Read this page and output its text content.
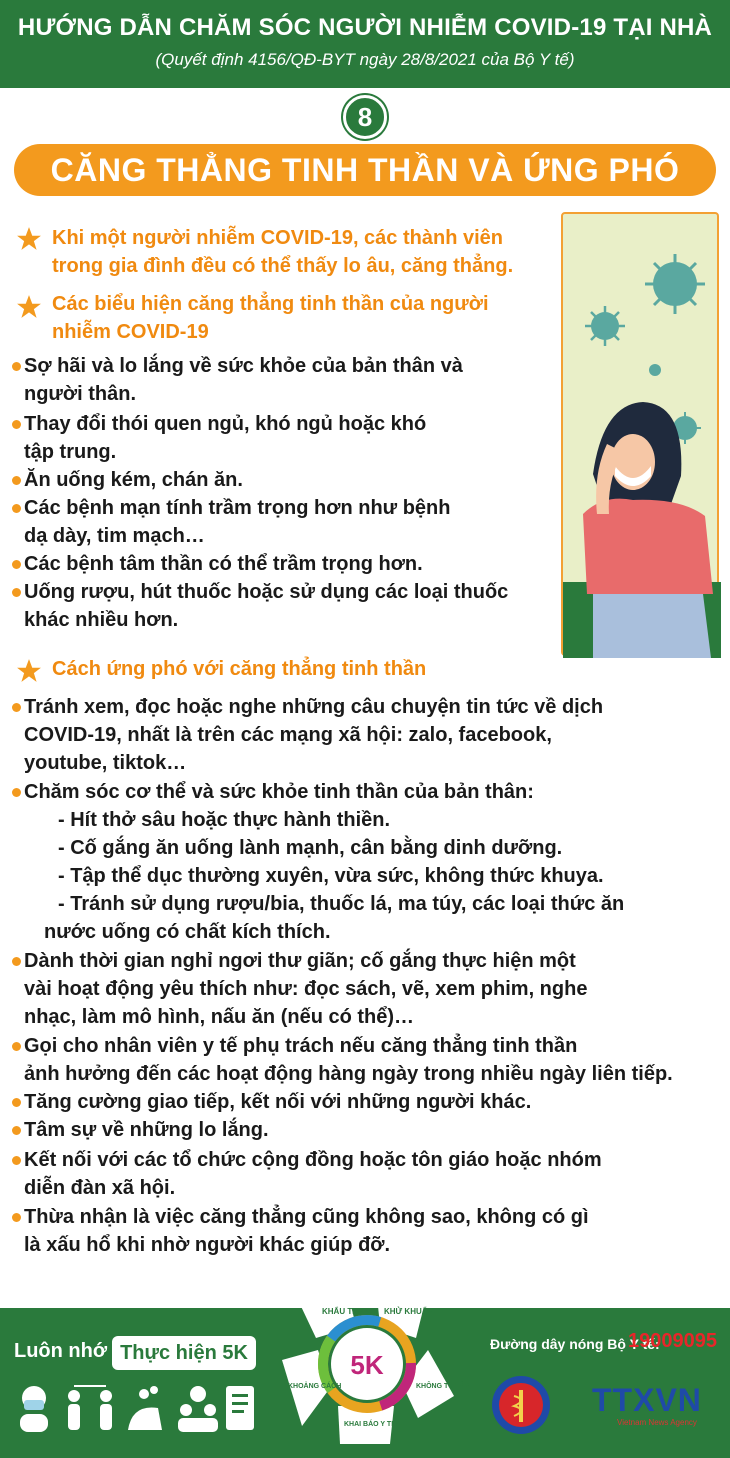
HƯỚNG DẪN CHĂM SÓC NGƯỜI NHIỄM COVID-19 TẠI NHÀ
(Quyết định 4156/QĐ-BYT ngày 28/8/2021 của Bộ Y tế)
8
CĂNG THẲNG TINH THẦN VÀ ỨNG PHÓ
Khi một người nhiễm COVID-19, các thành viên
trong gia đình đều có thể thấy lo âu, căng thẳng.
Các biểu hiện căng thẳng tinh thần của người
nhiễm COVID-19
Sợ hãi và lo lắng về sức khỏe của bản thân và
người thân.
Thay đổi thói quen ngủ, khó ngủ hoặc khó
tập trung.
Ăn uống kém, chán ăn.
Các bệnh mạn tính trầm trọng hơn như bệnh
dạ dày, tim mạch…
Các bệnh tâm thần có thể trầm trọng hơn.
Uống rượu, hút thuốc hoặc sử dụng các loại thuốc
khác nhiều hơn.
Cách ứng phó với căng thẳng tinh thần
Tránh xem, đọc hoặc nghe những câu chuyện tin tức về dịch
COVID-19, nhất là trên các mạng xã hội: zalo, facebook,
youtube, tiktok…
Chăm sóc cơ thể và sức khỏe tinh thần của bản thân:
- Hít thở sâu hoặc thực hành thiền.
- Cố gắng ăn uống lành mạnh, cân bằng dinh dưỡng.
- Tập thể dục thường xuyên, vừa sức, không thức khuya.
- Tránh sử dụng rượu/bia, thuốc lá, ma túy, các loại thức ăn
nước uống có chất kích thích.
Dành thời gian nghỉ ngơi thư giãn; cố gắng thực hiện một
vài hoạt động yêu thích như: đọc sách, vẽ, xem phim, nghe
nhạc, làm mô hình, nấu ăn (nếu có thể)…
Gọi cho nhân viên y tế phụ trách nếu căng thẳng tinh thần
ảnh hưởng đến các hoạt động hàng ngày trong nhiều ngày liên tiếp.
Tăng cường giao tiếp, kết nối với những người khác.
Tâm sự về những lo lắng.
Kết nối với các tổ chức cộng đồng hoặc tôn giáo hoặc nhóm
diễn đàn xã hội.
Thừa nhận là việc căng thẳng cũng không sao, không có gì
là xấu hổ khi nhờ người khác giúp đỡ.
Luôn nhớ Thực hiện 5K	5K
KHẨU TRANG KHỬ KHUẨN
KHÔNG TỤ TẬP
KHAI BÁO Y TẾ
KHOẢNG CÁCH
Đường dây nóng Bộ Y tế:
19009095
TTXVN
Vietnam News Agency
